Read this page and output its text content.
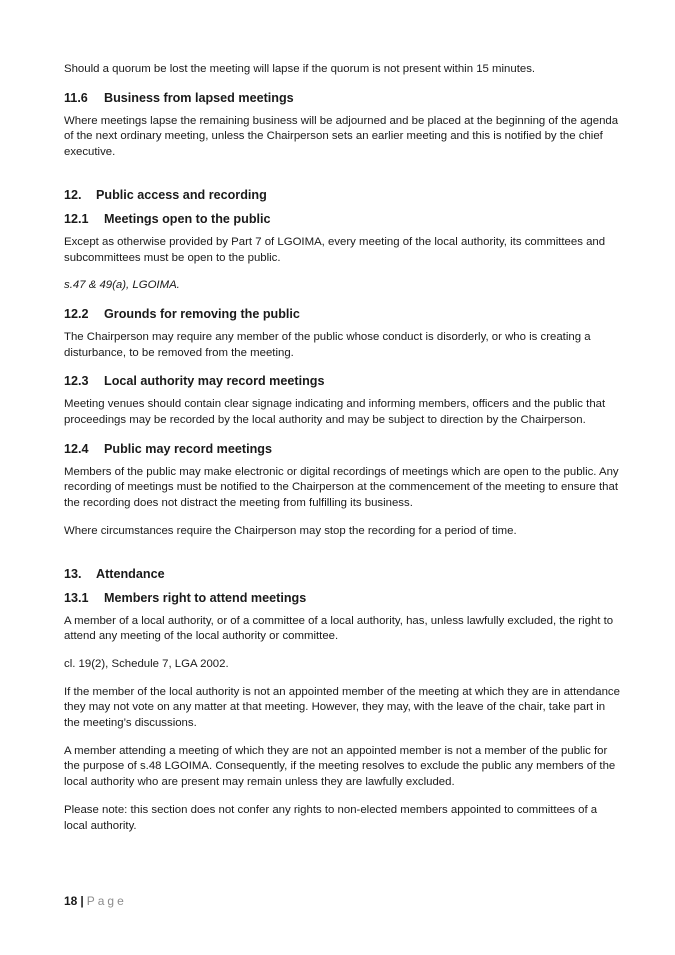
Should a quorum be lost the meeting will lapse if the quorum is not present within 15 minutes.

11.6 Business from lapsed meetings

Where meetings lapse the remaining business will be adjourned and be placed at the beginning of the agenda of the next ordinary meeting, unless the Chairperson sets an earlier meeting and this is notified by the chief executive.

12. Public access and recording
12.1 Meetings open to the public

Except as otherwise provided by Part 7 of LGOIMA, every meeting of the local authority, its committees and subcommittees must be open to the public.

s.47 & 49(a), LGOIMA.

12.2 Grounds for removing the public

The Chairperson may require any member of the public whose conduct is disorderly, or who is creating a disturbance, to be removed from the meeting.

12.3 Local authority may record meetings

Meeting venues should contain clear signage indicating and informing members, officers and the public that proceedings may be recorded by the local authority and may be subject to direction by the Chairperson.

12.4 Public may record meetings

Members of the public may make electronic or digital recordings of meetings which are open to the public. Any recording of meetings must be notified to the Chairperson at the commencement of the meeting to ensure that the recording does not distract the meeting from fulfilling its business.

Where circumstances require the Chairperson may stop the recording for a period of time.

13. Attendance
13.1 Members right to attend meetings

A member of a local authority, or of a committee of a local authority, has, unless lawfully excluded, the right to attend any meeting of the local authority or committee.

cl. 19(2), Schedule 7, LGA 2002.

If the member of the local authority is not an appointed member of the meeting at which they are in attendance they may not vote on any matter at that meeting. However, they may, with the leave of the chair, take part in the meeting’s discussions.

A member attending a meeting of which they are not an appointed member is not a member of the public for the purpose of s.48 LGOIMA. Consequently, if the meeting resolves to exclude the public any members of the local authority who are present may remain unless they are lawfully excluded.

Please note: this section does not confer any rights to non-elected members appointed to committees of a local authority.

18 | Page
